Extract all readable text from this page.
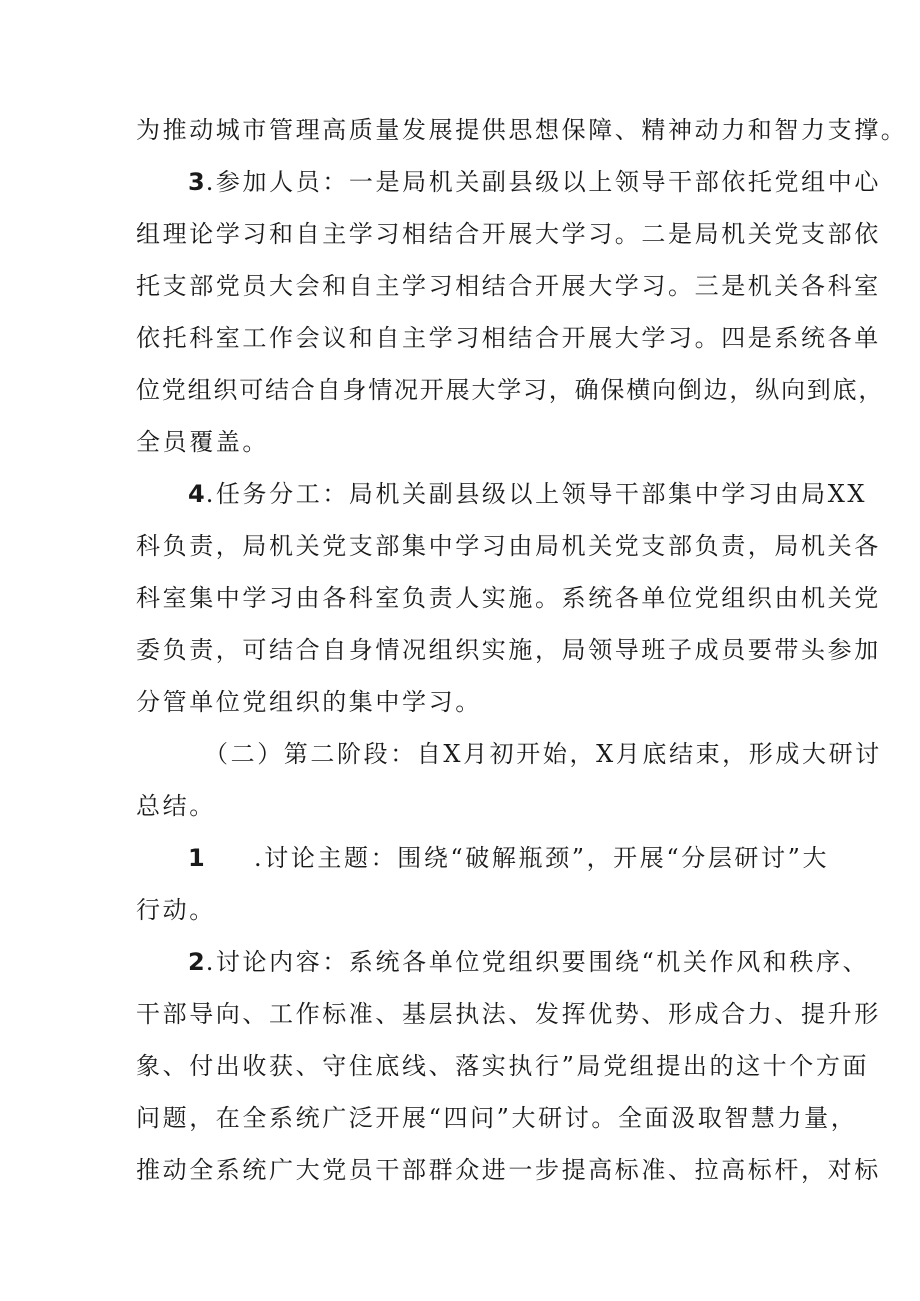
为推动城市管理高质量发展提供思想保障、精神动力和智力支撑。
3.参加人员：一是局机关副县级以上领导干部依托党组中心
组理论学习和自主学习相结合开展大学习。二是局机关党支部依
托支部党员大会和自主学习相结合开展大学习。三是机关各科室
依托科室工作会议和自主学习相结合开展大学习。四是系统各单
位党组织可结合自身情况开展大学习，确保横向倒边，纵向到底，
全员覆盖。
4.任务分工：局机关副县级以上领导干部集中学习由局XX
科负责，局机关党支部集中学习由局机关党支部负责，局机关各
科室集中学习由各科室负责人实施。系统各单位党组织由机关党
委负责，可结合自身情况组织实施，局领导班子成员要带头参加
分管单位党组织的集中学习。
（二）第二阶段：自X月初开始，X月底结束，形成大研讨
总结。
1 .讨论主题：围绕“破解瓶颈”，开展“分层研讨”大
行动。
2.讨论内容：系统各单位党组织要围绕“机关作风和秩序、
干部导向、工作标准、基层执法、发挥优势、形成合力、提升形
象、付出收获、守住底线、落实执行”局党组提出的这十个方面
问题，在全系统广泛开展“四问”大研讨。全面汲取智慧力量，
推动全系统广大党员干部群众进一步提高标准、拉高标杆，对标
